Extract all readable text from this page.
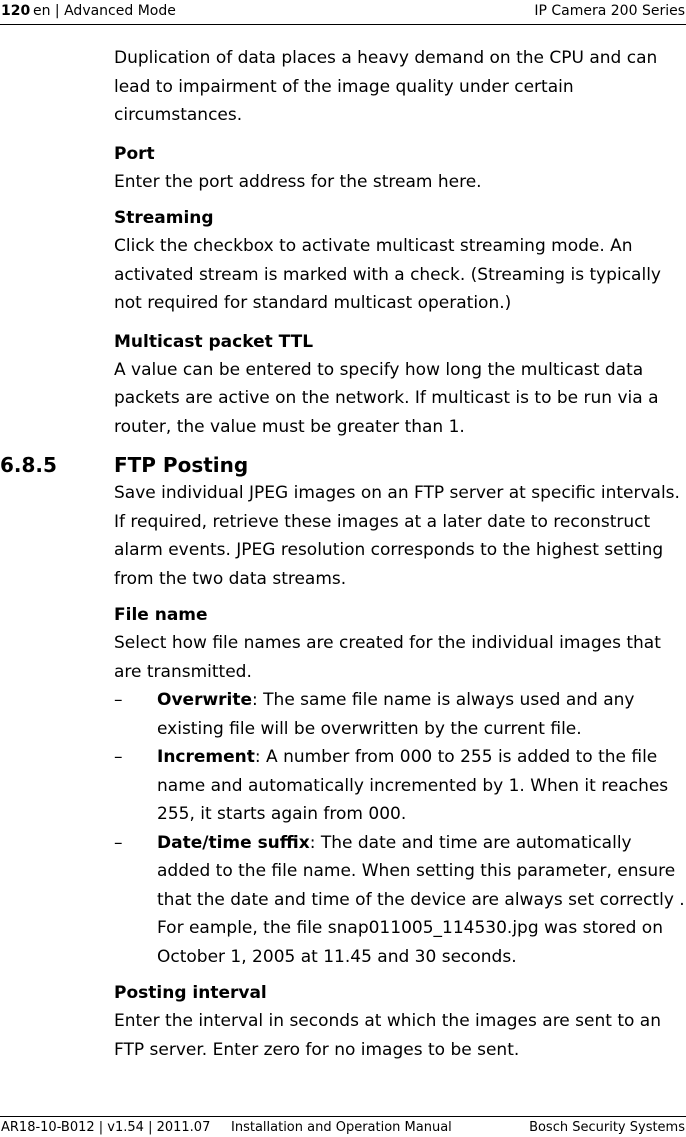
120 en | Advanced Mode	IP Camera 200 Series

Duplication of data places a heavy demand on the CPU and can lead to impairment of the image quality under certain circumstances.

Port

Enter the port address for the stream here.

Streaming

Click the checkbox to activate multicast streaming mode. An activated stream is marked with a check. (Streaming is typically not required for standard multicast operation.)

Multicast packet TTL

A value can be entered to specify how long the multicast data packets are active on the network. If multicast is to be run via a router, the value must be greater than 1.

6.8.5	FTP Posting

Save individual JPEG images on an FTP server at specific intervals. If required, retrieve these images at a later date to reconstruct alarm events. JPEG resolution corresponds to the highest setting from the two data streams.

File name

Select how file names are created for the individual images that are transmitted.

– Overwrite: The same file name is always used and any existing file will be overwritten by the current file.
– Increment: A number from 000 to 255 is added to the file name and automatically incremented by 1. When it reaches 255, it starts again from 000.
– Date/time suffix: The date and time are automatically added to the file name. When setting this parameter, ensure that the date and time of the device are always set correctly . For eample, the file snap011005_114530.jpg was stored on October 1, 2005 at 11.45 and 30 seconds.

Posting interval

Enter the interval in seconds at which the images are sent to an FTP server. Enter zero for no images to be sent.

AR18-10-B012 | v1.54 | 2011.07 Installation and Operation Manual	Bosch Security Systems
